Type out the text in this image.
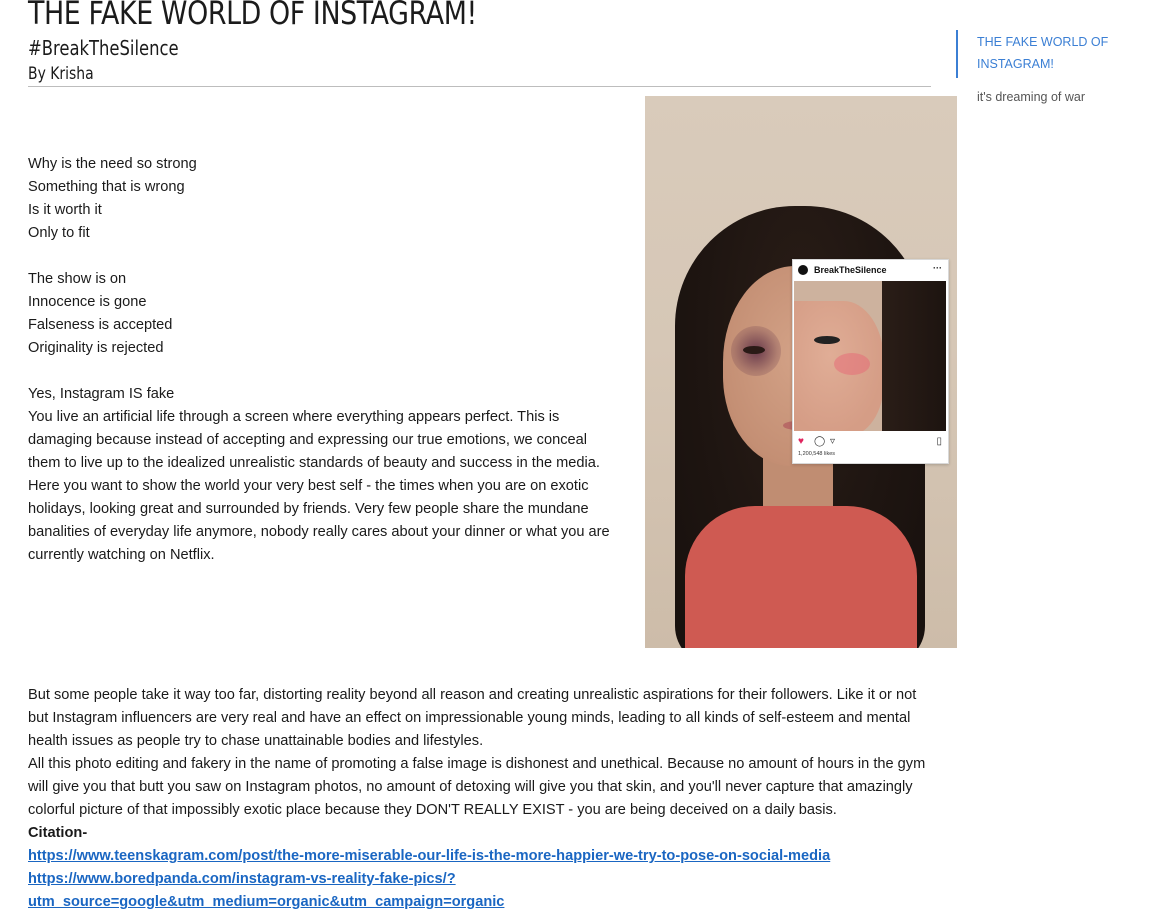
THE FAKE WORLD OF INSTAGRAM!
#BreakTheSilence
By Krisha

Why is the need so strong

Something that is wrong

Is it worth it

Only to fit

The show is on

Innocence is gone

Falseness is accepted

Originality is rejected

Yes, Instagram IS fake

You live an artificial life through a screen where everything appears perfect. This is damaging because instead of accepting and expressing our true emotions, we conceal them to live up to the idealized unrealistic standards of beauty and success in the media. Here you want to show the world your very best self - the times when you are on exotic holidays, looking great and surrounded by friends. Very few people share the mundane banalities of everyday life anymore, nobody really cares about your dinner or what you are currently watching on Netflix.

BreakTheSilence	···
♥ ◯ ▿	▯
1,200,548 likes

But some people take it way too far, distorting reality beyond all reason and creating unrealistic aspirations for their followers. Like it or not but Instagram influencers are very real and have an effect on impressionable young minds, leading to all kinds of self-esteem and mental health issues as people try to chase unattainable bodies and lifestyles.

All this photo editing and fakery in the name of promoting a false image is dishonest and unethical. Because no amount of hours in the gym will give you that butt you saw on Instagram photos, no amount of detoxing will give you that skin, and you'll never capture that amazingly colorful picture of that impossibly exotic place because they DON'T REALLY EXIST - you are being deceived on a daily basis.

Citation-

https://www.teenskagram.com/post/the-more-miserable-our-life-is-the-more-happier-we-try-to-pose-on-social-media
https://www.boredpanda.com/instagram-vs-reality-fake-pics/?utm_source=google&utm_medium=organic&utm_campaign=organic
THE FAKE WORLD OF INSTAGRAM!
it's dreaming of war
